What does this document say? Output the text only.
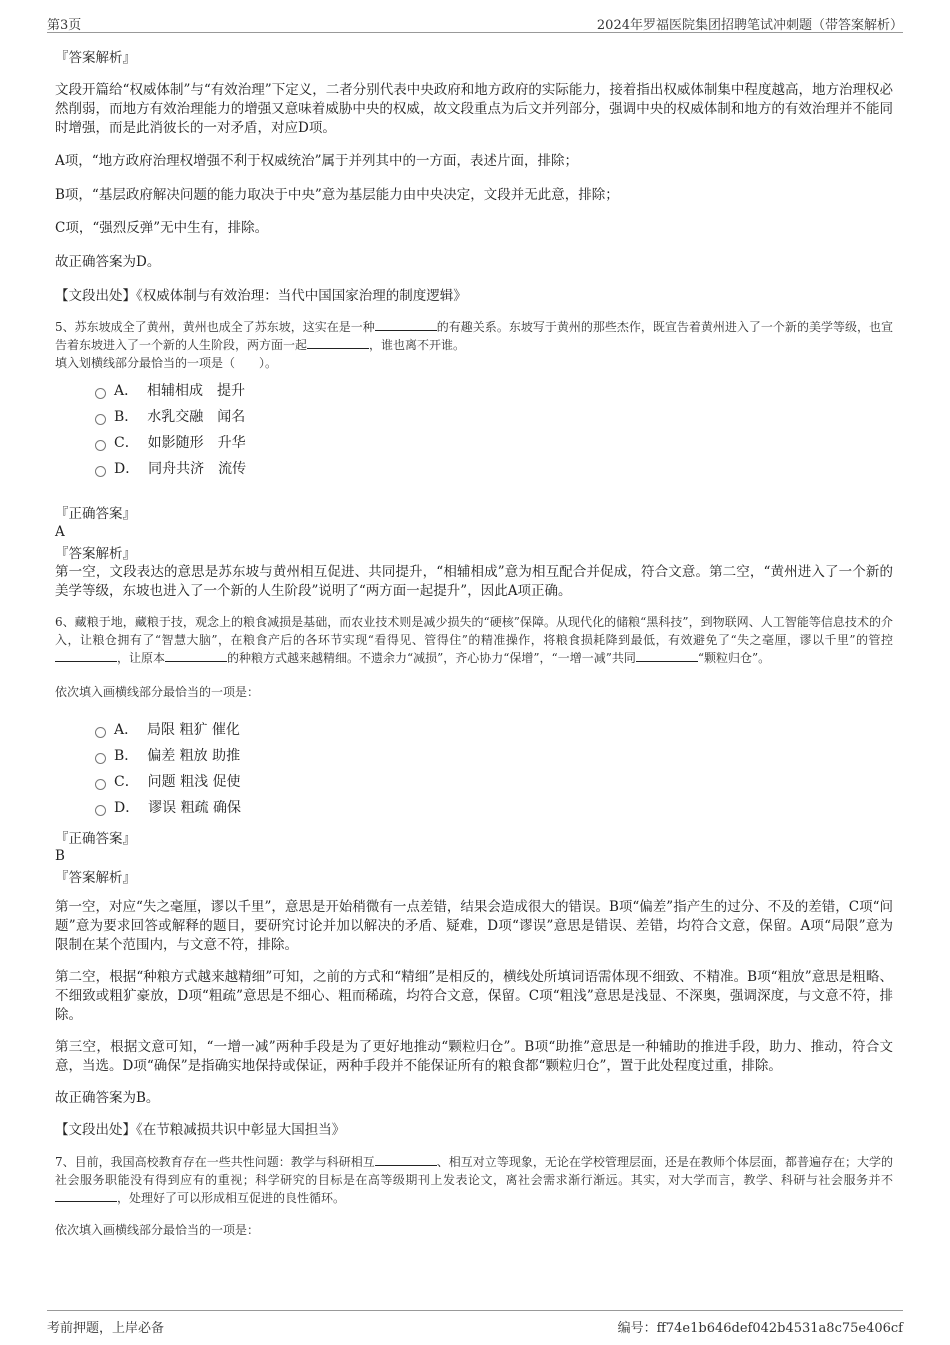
第3页	2024年罗福医院集团招聘笔试冲刺题（带答案解析）
『答案解析』

文段开篇给“权威体制”与“有效治理”下定义，二者分别代表中央政府和地方政府的实际能力，接着指出权威体制集中程度越高，地方治理权必然削弱，而地方有效治理能力的增强又意味着威胁中央的权威，故文段重点为后文并列部分，强调中央的权威体制和地方的有效治理并不能同时增强，而是此消彼长的一对矛盾，对应D项。

A项，“地方政府治理权增强不利于权威统治”属于并列其中的一方面，表述片面，排除；

B项，“基层政府解决问题的能力取决于中央”意为基层能力由中央决定，文段并无此意，排除；

C项，“强烈反弹”无中生有，排除。

故正确答案为D。

【文段出处】《权威体制与有效治理：当代中国国家治理的制度逻辑》

5、苏东坡成全了黄州，黄州也成全了苏东坡，这实在是一种	的有趣关系。东坡写于黄州的那些杰作，既宣告着黄州进入了一个新的美学等级，也宣告着东坡进入了一个新的人生阶段，两方面一起	，谁也离不开谁。

填入划横线部分最恰当的一项是（　　）。

A． 相辅相成　提升
B． 水乳交融　闻名
C． 如影随形　升华
D． 同舟共济　流传
『正确答案』
A
『答案解析』

第一空，文段表达的意思是苏东坡与黄州相互促进、共同提升，“相辅相成”意为相互配合并促成，符合文意。第二空，“黄州进入了一个新的美学等级，东坡也进入了一个新的人生阶段”说明了“两方面一起提升”，因此A项正确。

6、藏粮于地，藏粮于技，观念上的粮食减损是基础，而农业技术则是减少损失的“硬核”保障。从现代化的储粮“黑科技”，到物联网、人工智能等信息技术的介入，让粮仓拥有了“智慧大脑”，在粮食产后的各环节实现“看得见、管得住”的精准操作，将粮食损耗降到最低，有效避免了“失之毫厘，谬以千里”的管控，让原本	的种粮方式越来越精细。不遗余力“减损”，齐心协力“保增”，“一增一减”共同	“颗粒归仓”。

依次填入画横线部分最恰当的一项是：

A． 局限 粗犷 催化
B． 偏差 粗放 助推
C． 问题 粗浅 促使
D． 谬误 粗疏 确保
『正确答案』
B
『答案解析』

第一空，对应“失之毫厘，谬以千里”，意思是开始稍微有一点差错，结果会造成很大的错误。B项“偏差”指产生的过分、不及的差错，C项“问题”意为要求回答或解释的题目，要研究讨论并加以解决的矛盾、疑难，D项“谬误”意思是错误、差错，均符合文意，保留。A项“局限”意为限制在某个范围内，与文意不符，排除。

第二空，根据“种粮方式越来越精细”可知，之前的方式和“精细”是相反的，横线处所填词语需体现不细致、不精准。B项“粗放”意思是粗略、不细致或粗犷豪放，D项“粗疏”意思是不细心、粗而稀疏，均符合文意，保留。C项“粗浅”意思是浅显、不深奥，强调深度，与文意不符，排除。

第三空，根据文意可知，“一增一减”两种手段是为了更好地推动“颗粒归仓”。B项“助推”意思是一种辅助的推进手段，助力、推动，符合文意，当选。D项“确保”是指确实地保持或保证，两种手段并不能保证所有的粮食都“颗粒归仓”，置于此处程度过重，排除。

故正确答案为B。

【文段出处】《在节粮减损共识中彰显大国担当》

7、目前，我国高校教育存在一些共性问题：教学与科研相互	、相互对立等现象，无论在学校管理层面，还是在教师个体层面，都普遍存在；大学的社会服务职能没有得到应有的重视；科学研究的目标是在高等级期刊上发表论文，离社会需求渐行渐远。其实，对大学而言，教学、科研与社会服务并不，处理好了可以形成相互促进的良性循环。

依次填入画横线部分最恰当的一项是：

考前押题，上岸必备	编号：ff74e1b646def042b4531a8c75e406cf
